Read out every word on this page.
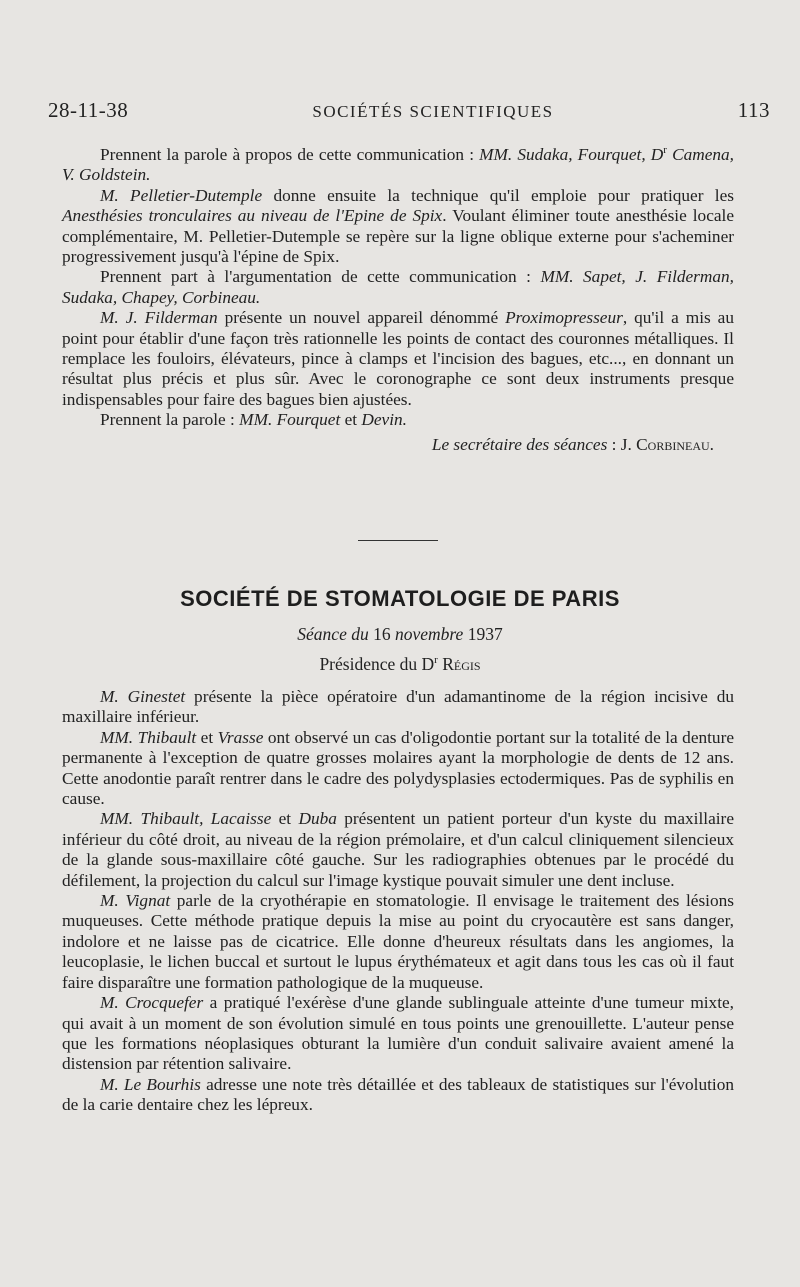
28-11-38	SOCIÉTÉS SCIENTIFIQUES	113

Prennent la parole à propos de cette communication : MM. Sudaka, Fourquet, $D^r$ Camena, V. Goldstein.

M. Pelletier-Dutemple donne ensuite la technique qu'il emploie pour pratiquer les Anesthésies tronculaires au niveau de l'Epine de Spix. Voulant éliminer toute anesthésie locale complémentaire, M. Pelletier-Dutemple se repère sur la ligne oblique externe pour s'acheminer progressivement jusqu'à l'épine de Spix.

Prennent part à l'argumentation de cette communication : MM. Sapet, J. Filderman, Sudaka, Chapey, Corbineau.

M. J. Filderman présente un nouvel appareil dénommé Proximopresseur, qu'il a mis au point pour établir d'une façon très rationnelle les points de contact des couronnes métalliques. Il remplace les fouloirs, élévateurs, pince à clamps et l'incision des bagues, etc..., en donnant un résultat plus précis et plus sûr. Avec le coronographe ce sont deux instruments presque indispensables pour faire des bagues bien ajustées.

Prennent la parole : MM. Fourquet et Devin.

Le secrétaire des séances : J. Corbineau.

SOCIÉTÉ DE STOMATOLOGIE DE PARIS
Séance du 16 novembre 1937
Présidence du $D^r$ Régis

M. Ginestet présente la pièce opératoire d'un adamantinome de la région incisive du maxillaire inférieur.

MM. Thibault et Vrasse ont observé un cas d'oligodontie portant sur la totalité de la denture permanente à l'exception de quatre grosses molaires ayant la morphologie de dents de 12 ans. Cette anodontie paraît rentrer dans le cadre des polydysplasies ectodermiques. Pas de syphilis en cause.

MM. Thibault, Lacaisse et Duba présentent un patient porteur d'un kyste du maxillaire inférieur du côté droit, au niveau de la région prémolaire, et d'un calcul cliniquement silencieux de la glande sous-maxillaire côté gauche. Sur les radiographies obtenues par le procédé du défilement, la projection du calcul sur l'image kystique pouvait simuler une dent incluse.

M. Vignat parle de la cryothérapie en stomatologie. Il envisage le traitement des lésions muqueuses. Cette méthode pratique depuis la mise au point du cryocautère est sans danger, indolore et ne laisse pas de cicatrice. Elle donne d'heureux résultats dans les angiomes, la leucoplasie, le lichen buccal et surtout le lupus érythémateux et agit dans tous les cas où il faut faire disparaître une formation pathologique de la muqueuse.

M. Crocquefer a pratiqué l'exérèse d'une glande sublinguale atteinte d'une tumeur mixte, qui avait à un moment de son évolution simulé en tous points une grenouillette. L'auteur pense que les formations néoplasiques obturant la lumière d'un conduit salivaire avaient amené la distension par rétention salivaire.

M. Le Bourhis adresse une note très détaillée et des tableaux de statistiques sur l'évolution de la carie dentaire chez les lépreux.
